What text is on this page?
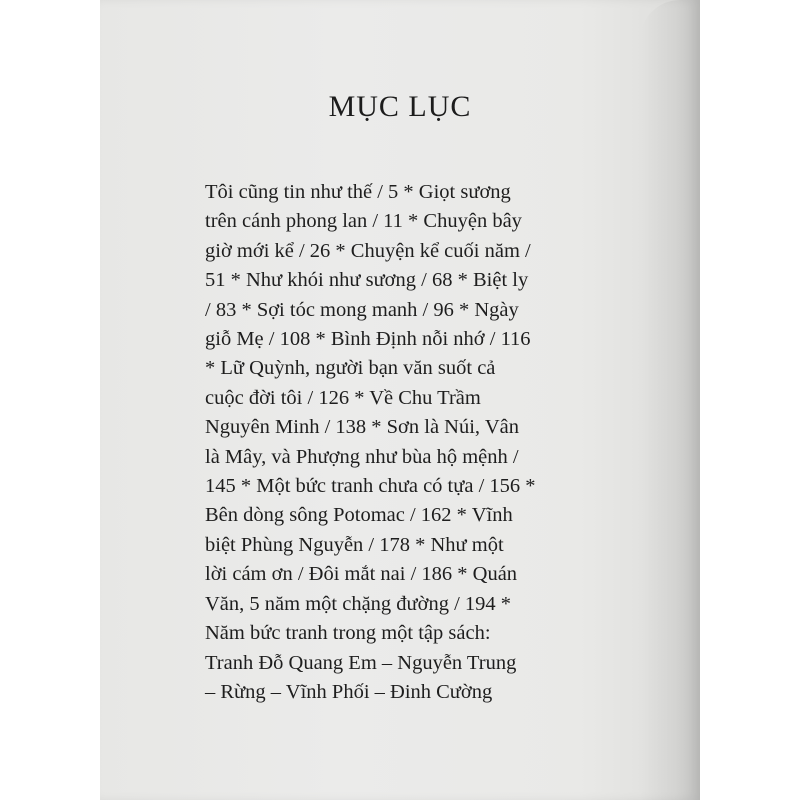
MỤC LỤC
Tôi cũng tin như thế / 5 * Giọt sương
trên cánh phong lan / 11 * Chuyện bây
giờ mới kể / 26 * Chuyện kể cuối năm /
51 * Như khói như sương / 68 * Biệt ly
/ 83 * Sợi tóc mong manh / 96 * Ngày
giỗ Mẹ / 108 * Bình Định nỗi nhớ / 116
* Lữ Quỳnh, người bạn văn suốt cả
cuộc đời tôi / 126 * Về Chu Trầm
Nguyên Minh / 138 * Sơn là Núi, Vân
là Mây, và Phượng như bùa hộ mệnh /
145 * Một bức tranh chưa có tựa / 156 *
Bên dòng sông Potomac / 162 * Vĩnh
biệt Phùng Nguyễn / 178 * Như một
lời cám ơn / Đôi mắt nai / 186 * Quán
Văn, 5 năm một chặng đường / 194 *
Năm bức tranh trong một tập sách:
Tranh Đỗ Quang Em – Nguyễn Trung
– Rừng – Vĩnh Phối – Đinh Cường
